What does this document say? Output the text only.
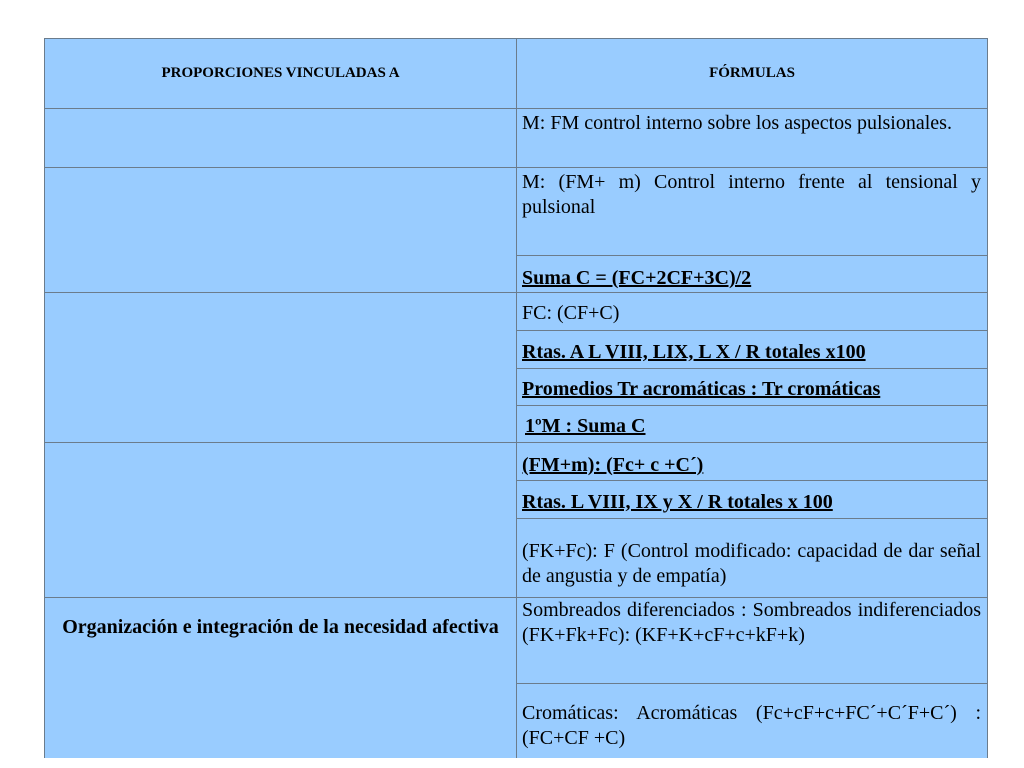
PROPORCIONES VINCULADAS A	FÓRMULAS
Organización e integración de la necesidad afectiva
M: FM control interno sobre los aspectos pulsionales.
M: (FM+ m) Control interno frente al tensional y pulsional
Suma C = (FC+2CF+3C)/2
FC: (CF+C)
Rtas. A L VIII, LIX, L X / R totales x100
Promedios Tr acromáticas : Tr cromáticas
1ºM : Suma C
(FM+m): (Fc+ c +C´)
Rtas. L VIII, IX y X / R totales x 100
(FK+Fc): F (Control modificado: capacidad de dar señal de angustia y de empatía)
Sombreados diferenciados : Sombreados indiferenciados (FK+Fk+Fc): (KF+K+cF+c+kF+k)
Cromáticas: Acromáticas (Fc+cF+c+FC´+C´F+C´) : (FC+CF +C)
